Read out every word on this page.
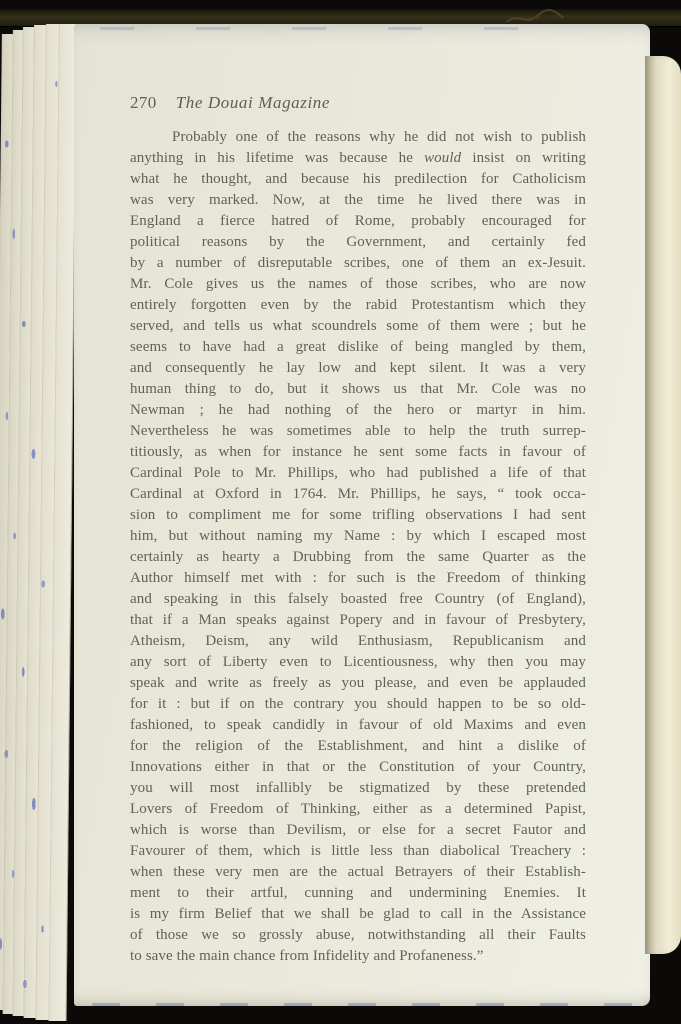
270 The Douai Magazine
Probably one of the reasons why he did not wish to publish
anything in his lifetime was because he would insist on writing
what he thought, and because his predilection for Catholicism
was very marked. Now, at the time he lived there was in
England a fierce hatred of Rome, probably encouraged for
political reasons by the Government, and certainly fed
by a number of disreputable scribes, one of them an ex-Jesuit.
Mr. Cole gives us the names of those scribes, who are now
entirely forgotten even by the rabid Protestantism which they
served, and tells us what scoundrels some of them were ; but he
seems to have had a great dislike of being mangled by them,
and consequently he lay low and kept silent. It was a very
human thing to do, but it shows us that Mr. Cole was no
Newman ; he had nothing of the hero or martyr in him.
Nevertheless he was sometimes able to help the truth surrep-
titiously, as when for instance he sent some facts in favour of
Cardinal Pole to Mr. Phillips, who had published a life of that
Cardinal at Oxford in 1764. Mr. Phillips, he says, “ took occa-
sion to compliment me for some trifling observations I had sent
him, but without naming my Name : by which I escaped most
certainly as hearty a Drubbing from the same Quarter as the
Author himself met with : for such is the Freedom of thinking
and speaking in this falsely boasted free Country (of England),
that if a Man speaks against Popery and in favour of Presbytery,
Atheism, Deism, any wild Enthusiasm, Republicanism and
any sort of Liberty even to Licentiousness, why then you may
speak and write as freely as you please, and even be applauded
for it : but if on the contrary you should happen to be so old-
fashioned, to speak candidly in favour of old Maxims and even
for the religion of the Establishment, and hint a dislike of
Innovations either in that or the Constitution of your Country,
you will most infallibly be stigmatized by these pretended
Lovers of Freedom of Thinking, either as a determined Papist,
which is worse than Devilism, or else for a secret Fautor and
Favourer of them, which is little less than diabolical Treachery :
when these very men are the actual Betrayers of their Establish-
ment to their artful, cunning and undermining Enemies. It
is my firm Belief that we shall be glad to call in the Assistance
of those we so grossly abuse, notwithstanding all their Faults
to save the main chance from Infidelity and Profaneness.”
